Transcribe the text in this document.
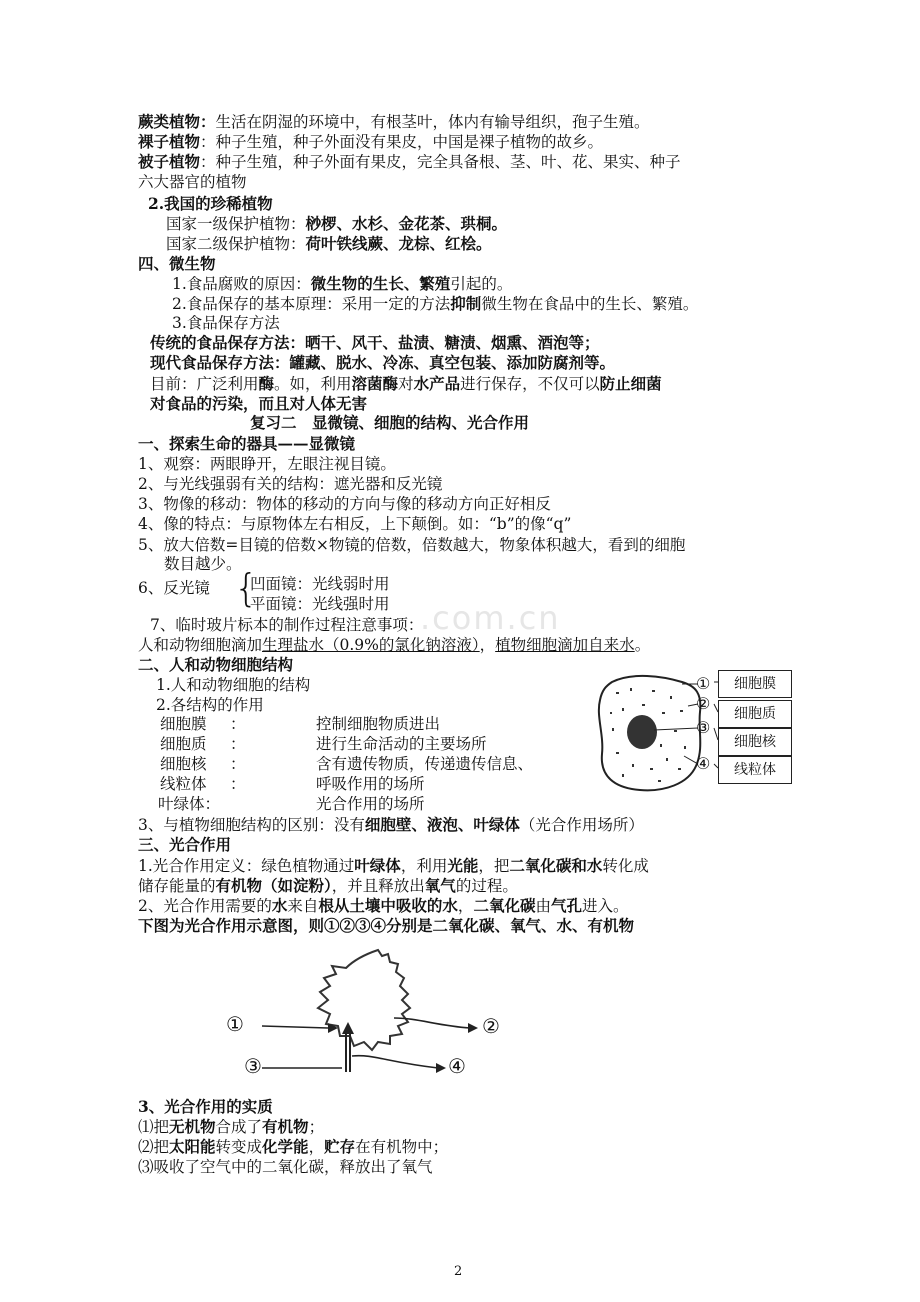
.com.cn
蕨类植物：生活在阴湿的环境中，有根茎叶，体内有输导组织，孢子生殖。
裸子植物：种子生殖，种子外面没有果皮，中国是裸子植物的故乡。
被子植物：种子生殖，种子外面有果皮，完全具备根、茎、叶、花、果实、种子
六大器官的植物
2.我国的珍稀植物
国家一级保护植物：桫椤、水杉、金花茶、珙桐。
国家二级保护植物：荷叶铁线蕨、龙棕、红桧。
四、微生物
1.食品腐败的原因：微生物的生长、繁殖引起的。
2.食品保存的基本原理：采用一定的方法抑制微生物在食品中的生长、繁殖。
3.食品保存方法
传统的食品保存方法：晒干、风干、盐渍、糖渍、烟熏、酒泡等；
现代食品保存方法：罐藏、脱水、冷冻、真空包装、添加防腐剂等。
目前：广泛利用酶。如，利用溶菌酶对水产品进行保存，不仅可以防止细菌
对食品的污染，而且对人体无害
复习二　显微镜、细胞的结构、光合作用
一、探索生命的器具——显微镜
1、观察：两眼睁开，左眼注视目镜。
2、与光线强弱有关的结构：遮光器和反光镜
3、物像的移动：物体的移动的方向与像的移动方向正好相反
4、像的特点：与原物体左右相反，上下颠倒。如：“b”的像“q”
5、放大倍数=目镜的倍数×物镜的倍数，倍数越大，物象体积越大，看到的细胞
数目越少。
6、反光镜 {
凹面镜：光线弱时用
平面镜：光线强时用
7、临时玻片标本的制作过程注意事项：
人和动物细胞滴加生理盐水（0.9%的氯化钠溶液），植物细胞滴加自来水。
二、人和动物细胞结构
1.人和动物细胞的结构
2.各结构的作用
细胞膜 ：	控制细胞物质进出
细胞质 ：	进行生命活动的主要场所
细胞核 ：	含有遗传物质，传递遗传信息、
线粒体 ：	呼吸作用的场所
叶绿体：	光合作用的场所
①
②
③
④
细胞膜
细胞质
细胞核
线粒体
3、与植物细胞结构的区别：没有细胞壁、液泡、叶绿体（光合作用场所）
三、光合作用
1.光合作用定义：绿色植物通过叶绿体，利用光能，把二氧化碳和水转化成
储存能量的有机物（如淀粉），并且释放出氧气的过程。
2、光合作用需要的水来自根从土壤中吸收的水，二氧化碳由气孔进入。
下图为光合作用示意图，则①②③④分别是二氧化碳、氧气、水、有机物
①	②
③	④
3、光合作用的实质
⑴把无机物合成了有机物；
⑵把太阳能转变成化学能，贮存在有机物中；
⑶吸收了空气中的二氧化碳，释放出了氧气
2
